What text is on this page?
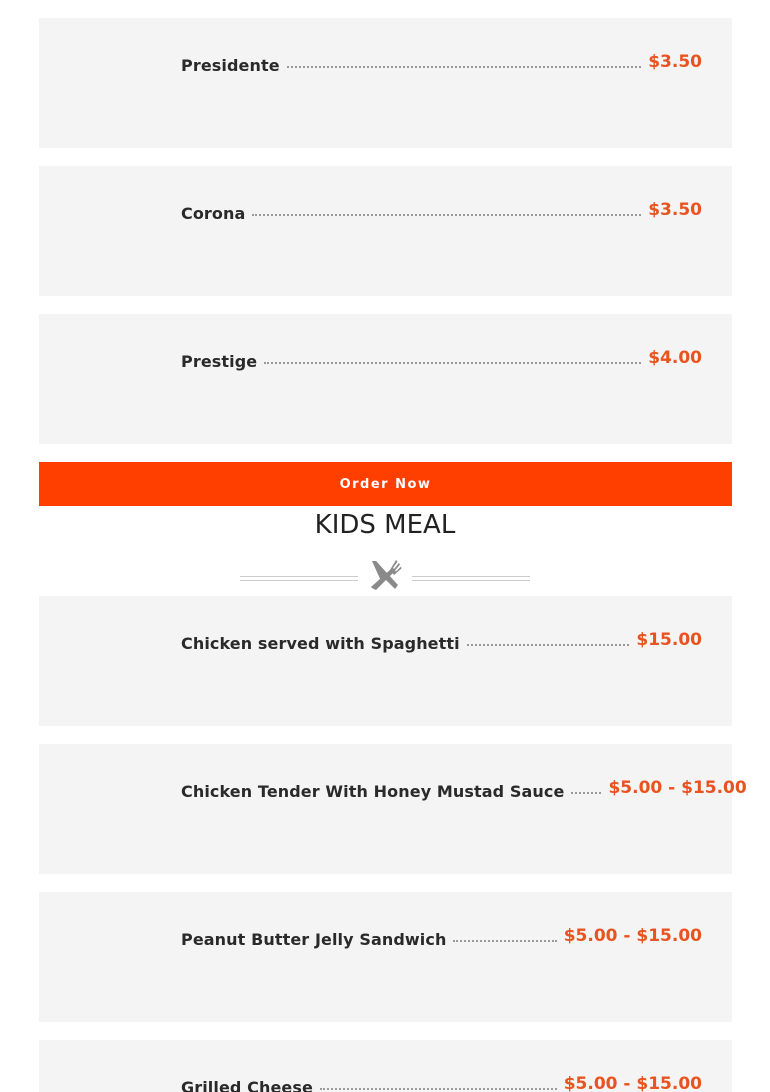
Presidente	$3.50
Corona	$3.50
Prestige	$4.00
Order Now
KIDS MEAL
Chicken served with Spaghetti	$15.00
Chicken Tender With Honey Mustad Sauce	$5.00 - $15.00
Peanut Butter Jelly Sandwich	$5.00 - $15.00
Grilled Cheese	$5.00 - $15.00
